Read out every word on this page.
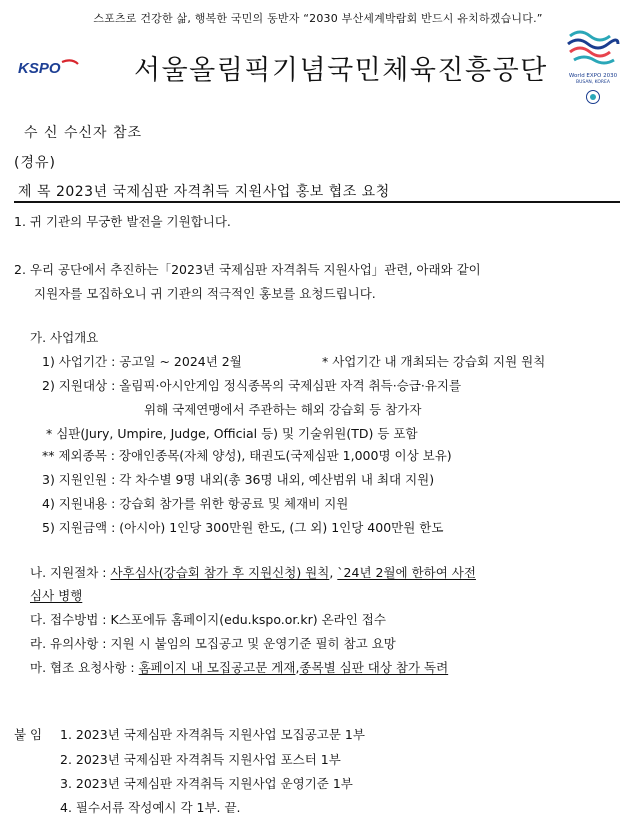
스포츠로 건강한 삶, 행복한 국민의 동반자 “2030 부산세계박람회 반드시 유치하겠습니다.”
KSPO	서울올림픽기념국민체육진흥공단	World EXPO 2030
BUSAN, KOREA
수 신 수신자 참조
(경유)
제 목 2023년 국제심판 자격취득 지원사업 홍보 협조 요청
1. 귀 기관의 무궁한 발전을 기원합니다.
2. 우리 공단에서 추진하는「2023년 국제심판 자격취득 지원사업」관련, 아래와 같이
지원자를 모집하오니 귀 기관의 적극적인 홍보를 요청드립니다.
가. 사업개요
1) 사업기간 : 공고일 ~ 2024년 2월	* 사업기간 내 개최되는 강습회 지원 원칙
2) 지원대상 : 올림픽·아시안게임 정식종목의 국제심판 자격 취득·승급·유지를
위해 국제연맹에서 주관하는 해외 강습회 등 참가자
* 심판(Jury, Umpire, Judge, Official 등) 및 기술위원(TD) 등 포함
** 제외종목 : 장애인종목(자체 양성), 태권도(국제심판 1,000명 이상 보유)
3) 지원인원 : 각 차수별 9명 내외(총 36명 내외, 예산범위 내 최대 지원)
4) 지원내용 : 강습회 참가를 위한 항공료 및 체재비 지원
5) 지원금액 : (아시아) 1인당 300만원 한도, (그 외) 1인당 400만원 한도
나. 지원절차 : 사후심사(강습회 참가 후 지원신청) 원칙, `24년 2월에 한하여 사전
심사 병행
다. 접수방법 : K스포에듀 홈페이지(edu.kspo.or.kr) 온라인 접수
라. 유의사항 : 지원 시 붙임의 모집공고 및 운영기준 필히 참고 요망
마. 협조 요청사항 : 홈페이지 내 모집공고문 게재,종목별 심판 대상 참가 독려
붙 임 1. 2023년 국제심판 자격취득 지원사업 모집공고문 1부
2. 2023년 국제심판 자격취득 지원사업 포스터 1부
3. 2023년 국제심판 자격취득 지원사업 운영기준 1부
4. 필수서류 작성예시 각 1부. 끝.
